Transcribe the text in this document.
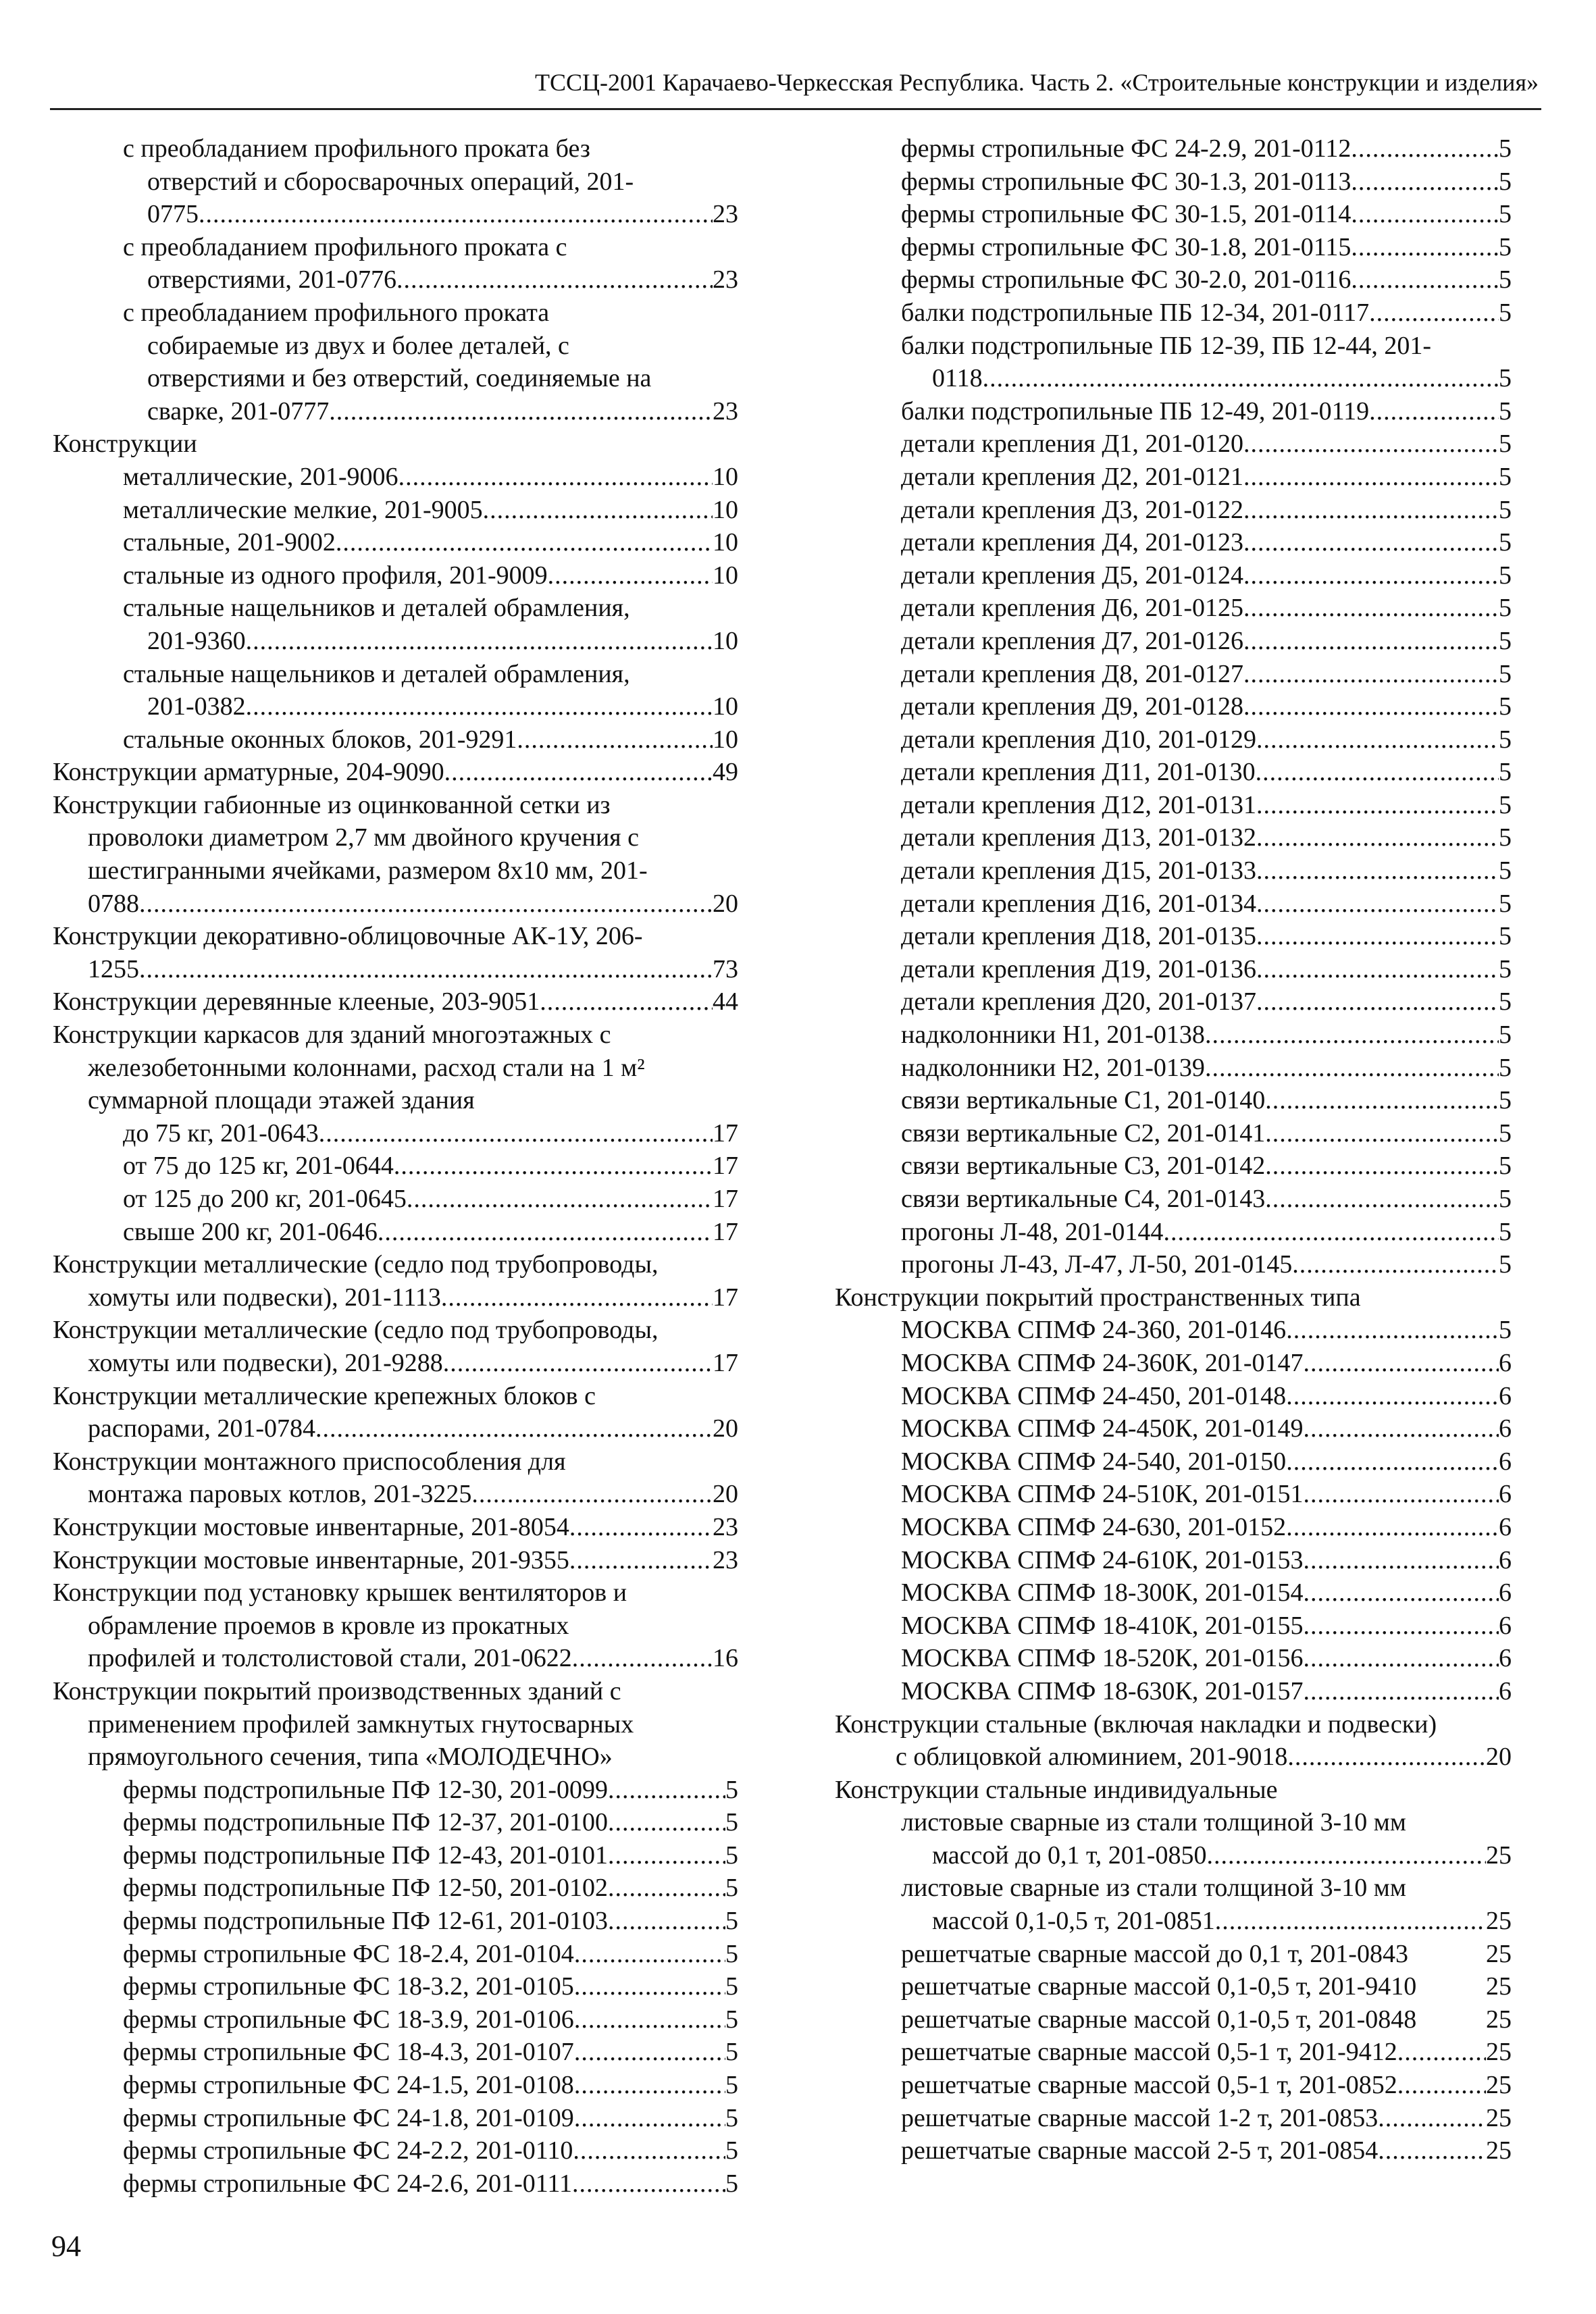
ТССЦ-2001 Карачаево-Черкесская Республика. Часть 2. «Строительные конструкции и изделия»
с преобладанием профильного проката без
отверстий и сборосварочных операций, 201-
0775 .....	23
с преобладанием профильного проката с
отверстиями, 201-0776 .....	23
с преобладанием профильного проката
собираемые из двух и более деталей, с
отверстиями и без отверстий, соединяемые на
сварке, 201-0777 .....	23
Конструкции
металлические, 201-9006 .....	10
металлические мелкие, 201-9005 .....	10
стальные, 201-9002 .....	10
стальные из одного профиля, 201-9009 .....	10
стальные нащельников и деталей обрамления,
201-9360 .....	10
стальные нащельников и деталей обрамления,
201-0382 .....	10
стальные оконных блоков, 201-9291 .....	10
Конструкции арматурные, 204-9090 .....	49
Конструкции габионные из оцинкованной сетки из
проволоки диаметром 2,7 мм двойного кручения с
шестигранными ячейками, размером 8х10 мм, 201-
0788 .....	20
Конструкции декоративно-облицовочные АК-1У, 206-
1255 .....	73
Конструкции деревянные клееные, 203-9051 .....	44
Конструкции каркасов для зданий многоэтажных с
железобетонными колоннами, расход стали на 1 м²
суммарной площади этажей здания
до 75 кг, 201-0643 .....	17
от 75 до 125 кг, 201-0644 .....	17
от 125 до 200 кг, 201-0645 .....	17
свыше 200 кг, 201-0646 .....	17
Конструкции металлические (седло под трубопроводы,
хомуты или подвески), 201-1113 .....	17
Конструкции металлические (седло под трубопроводы,
хомуты или подвески), 201-9288 .....	17
Конструкции металлические крепежных блоков с
распорами, 201-0784 .....	20
Конструкции монтажного приспособления для
монтажа паровых котлов, 201-3225 .....	20
Конструкции мостовые инвентарные, 201-8054 .....	23
Конструкции мостовые инвентарные, 201-9355 .....	23
Конструкции под установку крышек вентиляторов и
обрамление проемов в кровле из прокатных
профилей и толстолистовой стали, 201-0622 .....	16
Конструкции покрытий производственных зданий с
применением профилей замкнутых гнутосварных
прямоугольного сечения, типа «МОЛОДЕЧНО»
фермы подстропильные ПФ 12-30, 201-0099 .....	5
фермы подстропильные ПФ 12-37, 201-0100 .....	5
фермы подстропильные ПФ 12-43, 201-0101 .....	5
фермы подстропильные ПФ 12-50, 201-0102 .....	5
фермы подстропильные ПФ 12-61, 201-0103 .....	5
фермы стропильные ФС 18-2.4, 201-0104 .....	5
фермы стропильные ФС 18-3.2, 201-0105 .....	5
фермы стропильные ФС 18-3.9, 201-0106 .....	5
фермы стропильные ФС 18-4.3, 201-0107 .....	5
фермы стропильные ФС 24-1.5, 201-0108 .....	5
фермы стропильные ФС 24-1.8, 201-0109 .....	5
фермы стропильные ФС 24-2.2, 201-0110 .....	5
фермы стропильные ФС 24-2.6, 201-0111 .....	5
фермы стропильные ФС 24-2.9, 201-0112 .....	5
фермы стропильные ФС 30-1.3, 201-0113 .....	5
фермы стропильные ФС 30-1.5, 201-0114 .....	5
фермы стропильные ФС 30-1.8, 201-0115 .....	5
фермы стропильные ФС 30-2.0, 201-0116 .....	5
балки подстропильные ПБ 12-34, 201-0117 .....	5
балки подстропильные ПБ 12-39, ПБ 12-44, 201-
0118 .....	5
балки подстропильные ПБ 12-49, 201-0119 .....	5
детали крепления Д1, 201-0120 .....	5
детали крепления Д2, 201-0121 .....	5
детали крепления Д3, 201-0122 .....	5
детали крепления Д4, 201-0123 .....	5
детали крепления Д5, 201-0124 .....	5
детали крепления Д6, 201-0125 .....	5
детали крепления Д7, 201-0126 .....	5
детали крепления Д8, 201-0127 .....	5
детали крепления Д9, 201-0128 .....	5
детали крепления Д10, 201-0129 .....	5
детали крепления Д11, 201-0130 .....	5
детали крепления Д12, 201-0131 .....	5
детали крепления Д13, 201-0132 .....	5
детали крепления Д15, 201-0133 .....	5
детали крепления Д16, 201-0134 .....	5
детали крепления Д18, 201-0135 .....	5
детали крепления Д19, 201-0136 .....	5
детали крепления Д20, 201-0137 .....	5
надколонники Н1, 201-0138 .....	5
надколонники Н2, 201-0139 .....	5
связи вертикальные С1, 201-0140 .....	5
связи вертикальные С2, 201-0141 .....	5
связи вертикальные С3, 201-0142 .....	5
связи вертикальные С4, 201-0143 .....	5
прогоны Л-48, 201-0144 .....	5
прогоны Л-43, Л-47, Л-50, 201-0145 .....	5
Конструкции покрытий пространственных типа
МОСКВА СПМФ 24-360, 201-0146 .....	5
МОСКВА СПМФ 24-360К, 201-0147 .....	6
МОСКВА СПМФ 24-450, 201-0148 .....	6
МОСКВА СПМФ 24-450К, 201-0149 .....	6
МОСКВА СПМФ 24-540, 201-0150 .....	6
МОСКВА СПМФ 24-510К, 201-0151 .....	6
МОСКВА СПМФ 24-630, 201-0152 .....	6
МОСКВА СПМФ 24-610К, 201-0153 .....	6
МОСКВА СПМФ 18-300К, 201-0154 .....	6
МОСКВА СПМФ 18-410К, 201-0155 .....	6
МОСКВА СПМФ 18-520К, 201-0156 .....	6
МОСКВА СПМФ 18-630К, 201-0157 .....	6
Конструкции стальные (включая накладки и подвески)
с облицовкой алюминием, 201-9018 .....	20
Конструкции стальные индивидуальные
листовые сварные из стали толщиной 3-10 мм
массой до 0,1 т, 201-0850 .....	25
листовые сварные из стали толщиной 3-10 мм
массой 0,1-0,5 т, 201-0851 .....	25
решетчатые сварные массой до 0,1 т, 201-0843	25
решетчатые сварные массой 0,1-0,5 т, 201-9410	25
решетчатые сварные массой 0,1-0,5 т, 201-0848	25
решетчатые сварные массой 0,5-1 т, 201-9412 .....	25
решетчатые сварные массой 0,5-1 т, 201-0852 .....	25
решетчатые сварные массой 1-2 т, 201-0853 .....	25
решетчатые сварные массой 2-5 т, 201-0854 .....	25
94
